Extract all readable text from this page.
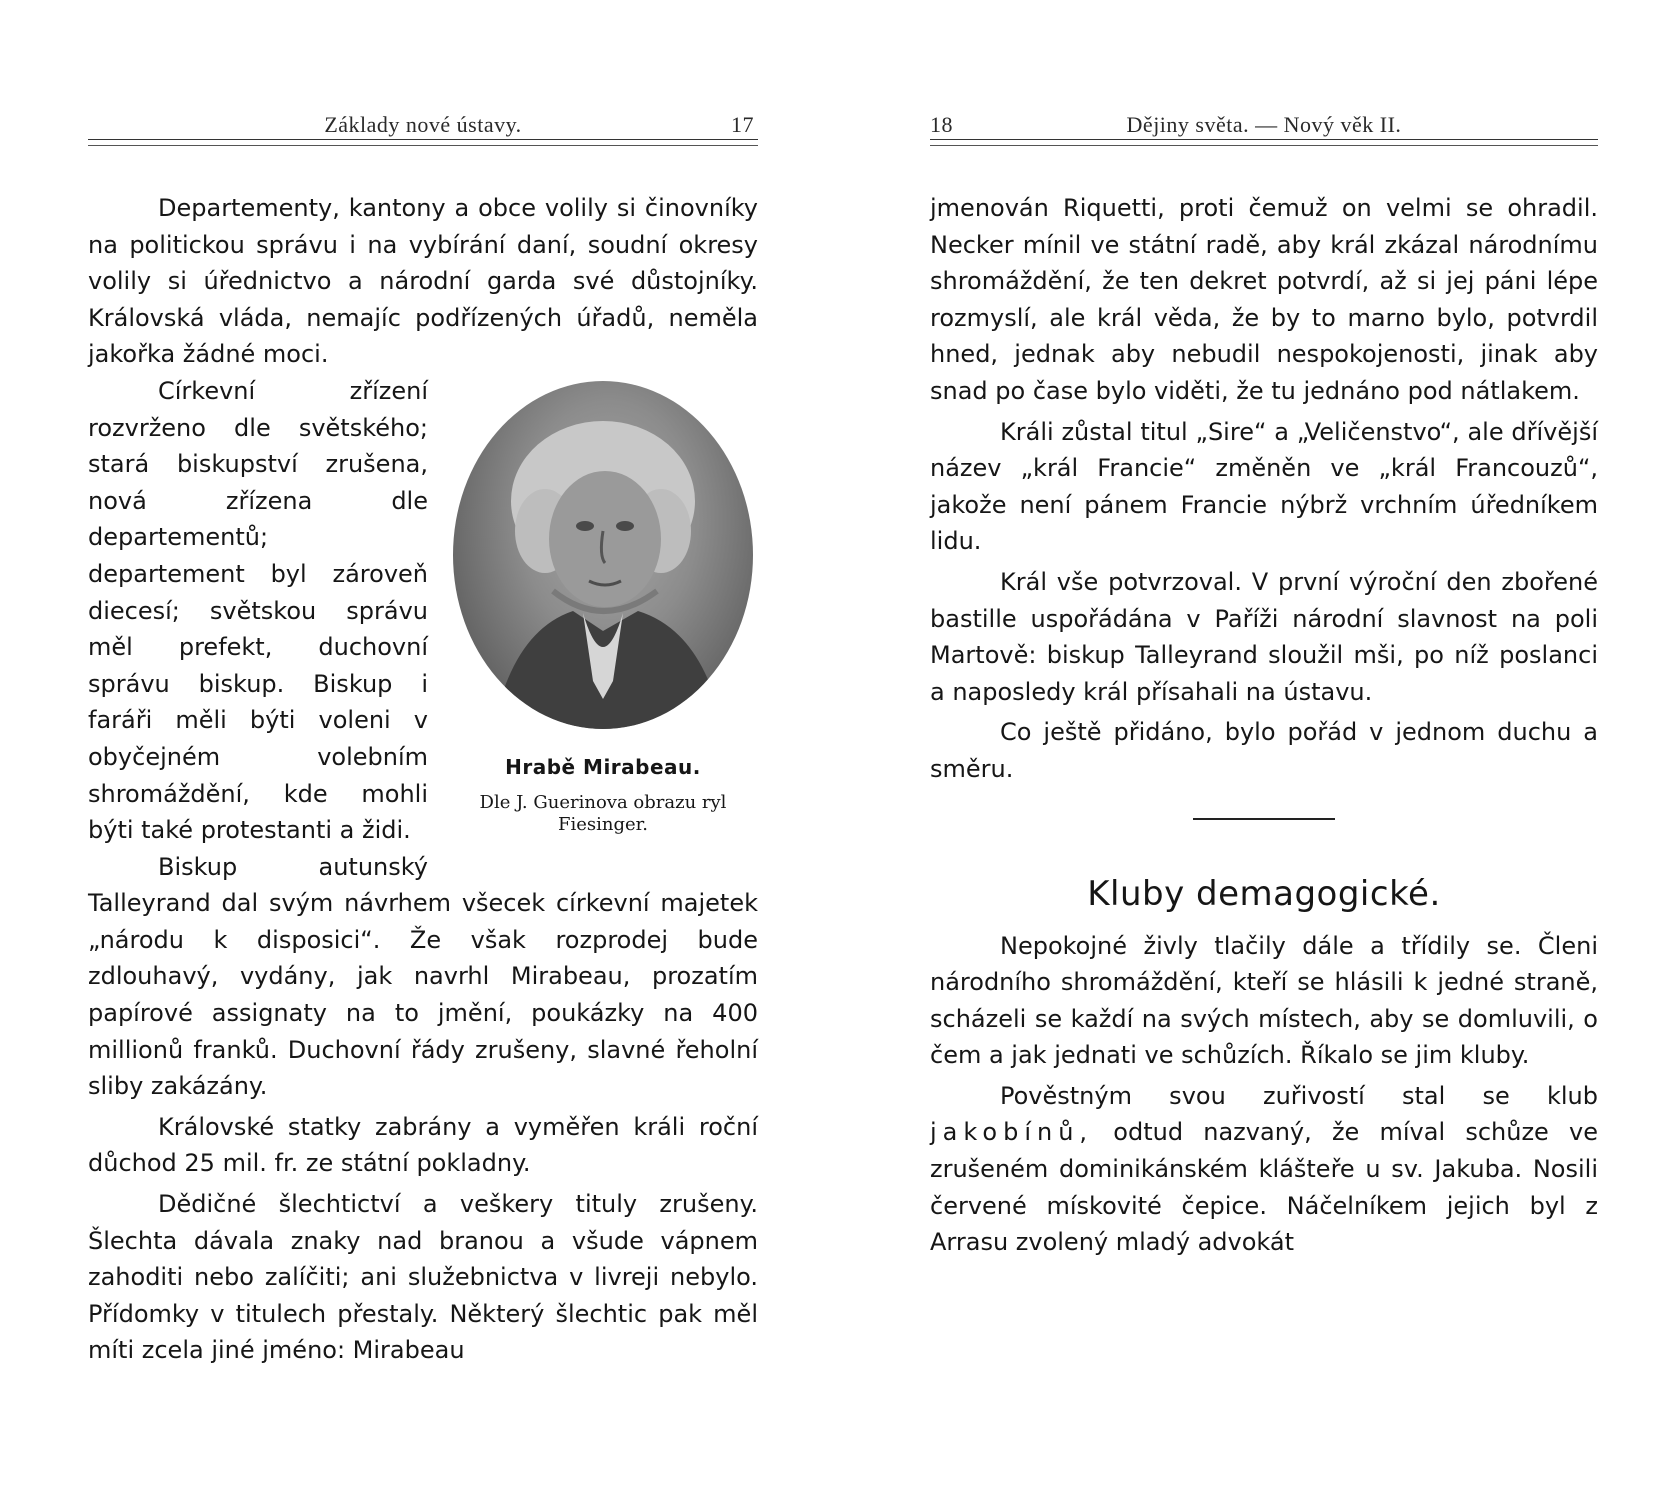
Základy nové ústavy.	17

Departementy, kantony a obce volily si činovníky na politickou správu i na vybírání daní, soudní okresy volily si úřednictvo a národní garda své důstojníky. Královská vláda, nemajíc podřízených úřadů, neměla jakořka žádné moci.

Hrabě Mirabeau.
Dle J. Guerinova obrazu ryl Fiesinger.

Církevní zřízení rozvrženo dle světského; stará biskupství zrušena, nová zřízena dle departementů; departement byl zároveň diecesí; světskou správu měl prefekt, duchovní správu biskup. Biskup i faráři měli býti voleni v obyčejném volebním shromáždění, kde mohli býti také protestanti a židi.

Biskup autunský Talleyrand dal svým návrhem všecek církevní majetek „národu k disposici“. Že však rozprodej bude zdlouhavý, vydány, jak navrhl Mirabeau, prozatím papírové assignaty na to jmění, poukázky na 400 millionů franků. Duchovní řády zrušeny, slavné řeholní sliby zakázány.

Královské statky zabrány a vyměřen králi roční důchod 25 mil. fr. ze státní pokladny.

Dědičné šlechtictví a veškery tituly zrušeny. Šlechta dávala znaky nad branou a všude vápnem zahoditi nebo zalíčiti; ani služebnictva v livreji nebylo. Přídomky v titulech přestaly. Některý šlechtic pak měl míti zcela jiné jméno: Mirabeau

18	Dějiny světa. — Nový věk II.

jmenován Riquetti, proti čemuž on velmi se ohradil. Necker mínil ve státní radě, aby král zkázal národnímu shromáždění, že ten dekret potvrdí, až si jej páni lépe rozmyslí, ale král věda, že by to marno bylo, potvrdil hned, jednak aby nebudil nespokojenosti, jinak aby snad po čase bylo viděti, že tu jednáno pod nátlakem.

Králi zůstal titul „Sire“ a „Veličenstvo“, ale dřívější název „král Francie“ změněn ve „král Francouzů“, jakože není pánem Francie nýbrž vrchním úředníkem lidu.

Král vše potvrzoval. V první výroční den zbořené bastille uspořádána v Paříži národní slavnost na poli Martově: biskup Talleyrand sloužil mši, po níž poslanci a naposledy král přísahali na ústavu.

Co ještě přidáno, bylo pořád v jednom duchu a směru.

Kluby demagogické.

Nepokojné živly tlačily dále a třídily se. Členi národního shromáždění, kteří se hlásili k jedné straně, scházeli se každí na svých místech, aby se domluvili, o čem a jak jednati ve schůzích. Říkalo se jim kluby.

Pověstným svou zuřivostí stal se klub jakobínů, odtud nazvaný, že míval schůze ve zrušeném dominikánském klášteře u sv. Jakuba. Nosili červené mískovité čepice. Náčelníkem jejich byl z Arrasu zvolený mladý advokát
